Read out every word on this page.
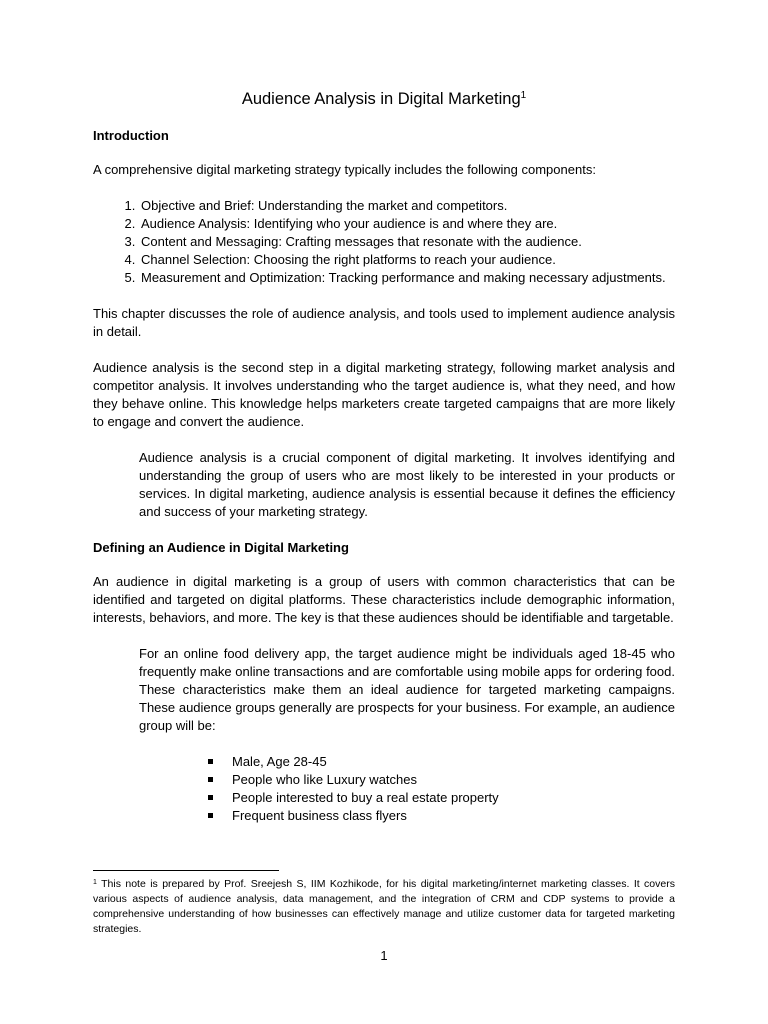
Audience Analysis in Digital Marketing$^1$
Introduction

A comprehensive digital marketing strategy typically includes the following components:

1. Objective and Brief: Understanding the market and competitors.
2. Audience Analysis: Identifying who your audience is and where they are.
3. Content and Messaging: Crafting messages that resonate with the audience.
4. Channel Selection: Choosing the right platforms to reach your audience.
5. Measurement and Optimization: Tracking performance and making necessary adjustments.

This chapter discusses the role of audience analysis, and tools used to implement audience analysis in detail.

Audience analysis is the second step in a digital marketing strategy, following market analysis and competitor analysis. It involves understanding who the target audience is, what they need, and how they behave online. This knowledge helps marketers create targeted campaigns that are more likely to engage and convert the audience.

Audience analysis is a crucial component of digital marketing. It involves identifying and understanding the group of users who are most likely to be interested in your products or services. In digital marketing, audience analysis is essential because it defines the efficiency and success of your marketing strategy.

Defining an Audience in Digital Marketing

An audience in digital marketing is a group of users with common characteristics that can be identified and targeted on digital platforms. These characteristics include demographic information, interests, behaviors, and more. The key is that these audiences should be identifiable and targetable.

For an online food delivery app, the target audience might be individuals aged 18-45 who frequently make online transactions and are comfortable using mobile apps for ordering food. These characteristics make them an ideal audience for targeted marketing campaigns. These audience groups generally are prospects for your business. For example, an audience group will be:

Male, Age 28-45
People who like Luxury watches
People interested to buy a real estate property
Frequent business class flyers

$^1$ This note is prepared by Prof. Sreejesh S, IIM Kozhikode, for his digital marketing/internet marketing classes. It covers various aspects of audience analysis, data management, and the integration of CRM and CDP systems to provide a comprehensive understanding of how businesses can effectively manage and utilize customer data for targeted marketing strategies.

1
